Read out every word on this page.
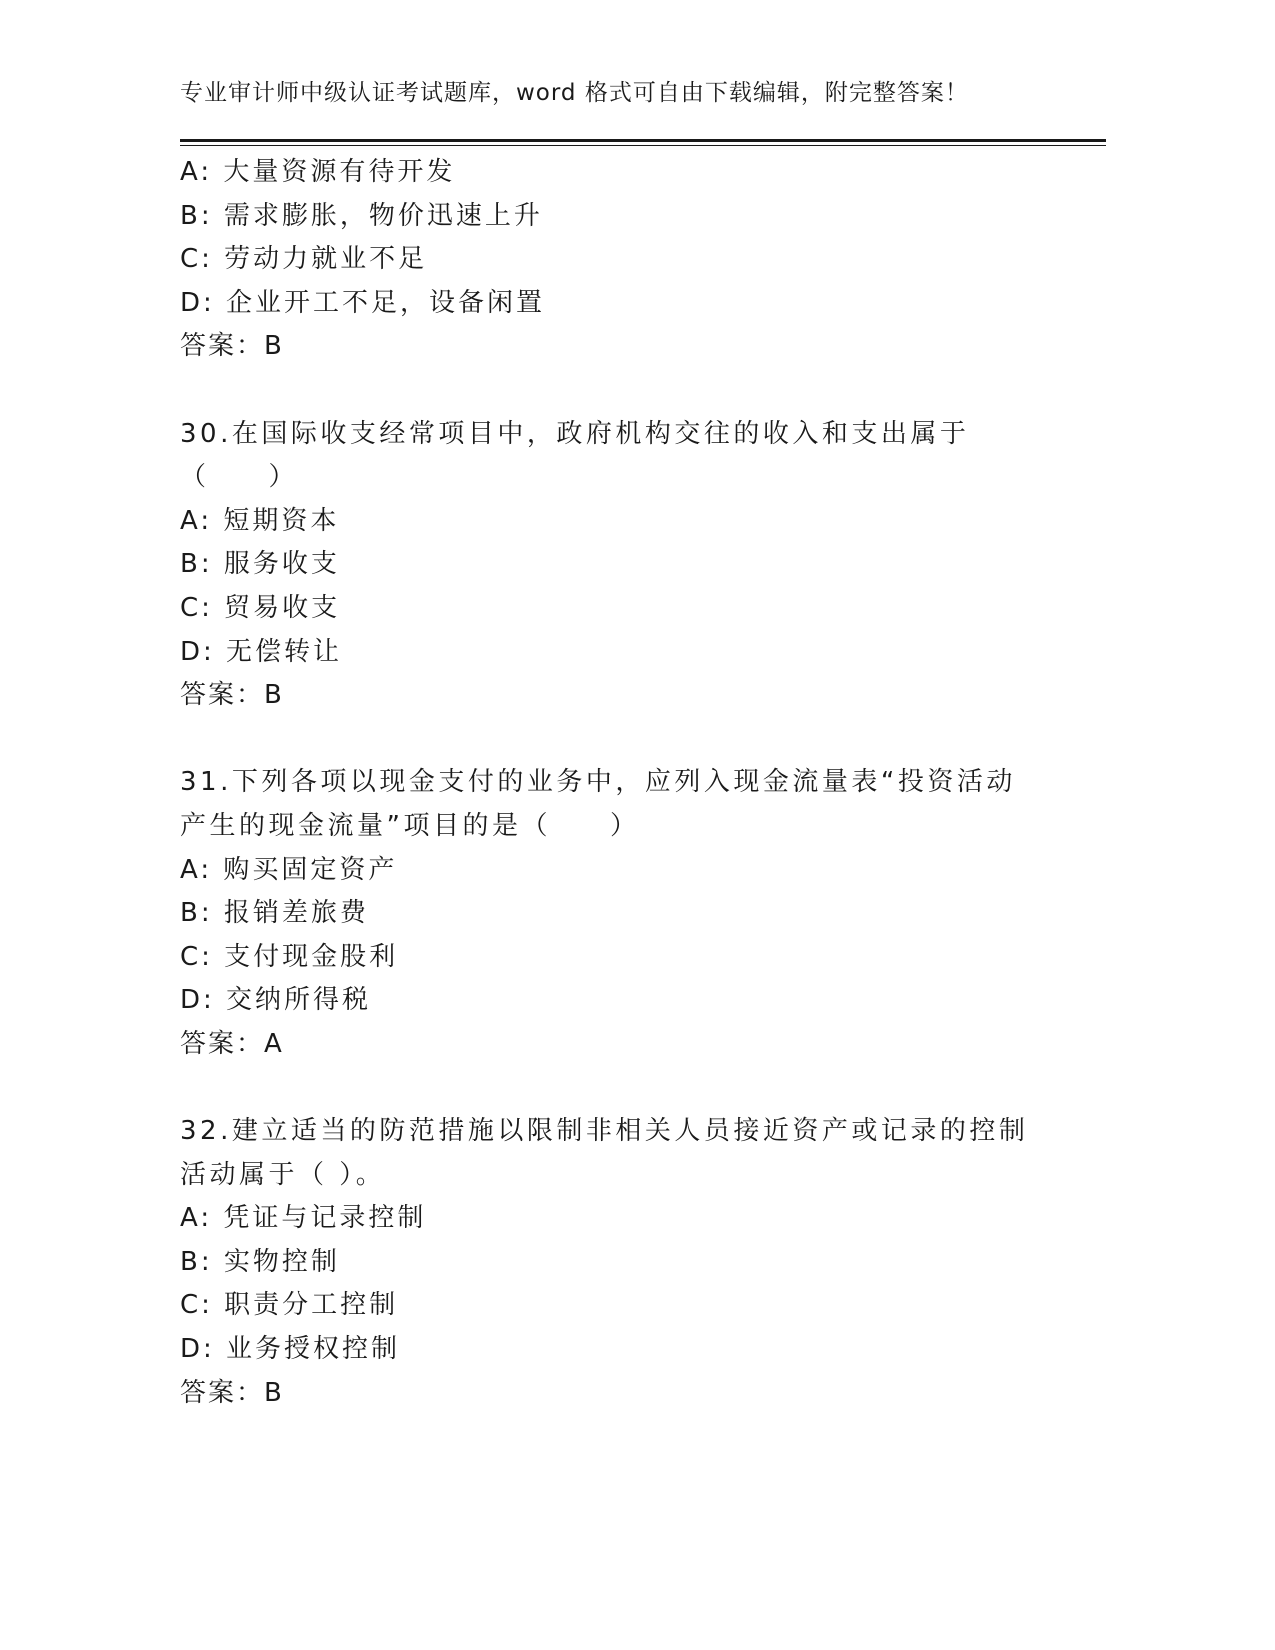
专业审计师中级认证考试题库，word 格式可自由下载编辑，附完整答案！
A: 大量资源有待开发
B: 需求膨胀，物价迅速上升
C: 劳动力就业不足
D: 企业开工不足，设备闲置
答案：B
30.在国际收支经常项目中，政府机构交往的收入和支出属于（　　）
A: 短期资本
B: 服务收支
C: 贸易收支
D: 无偿转让
答案：B
31.下列各项以现金支付的业务中，应列入现金流量表“投资活动产生的现金流量”项目的是（　　）
A: 购买固定资产
B: 报销差旅费
C: 支付现金股利
D: 交纳所得税
答案：A
32.建立适当的防范措施以限制非相关人员接近资产或记录的控制活动属于（ ）。
A: 凭证与记录控制
B: 实物控制
C: 职责分工控制
D: 业务授权控制
答案：B
